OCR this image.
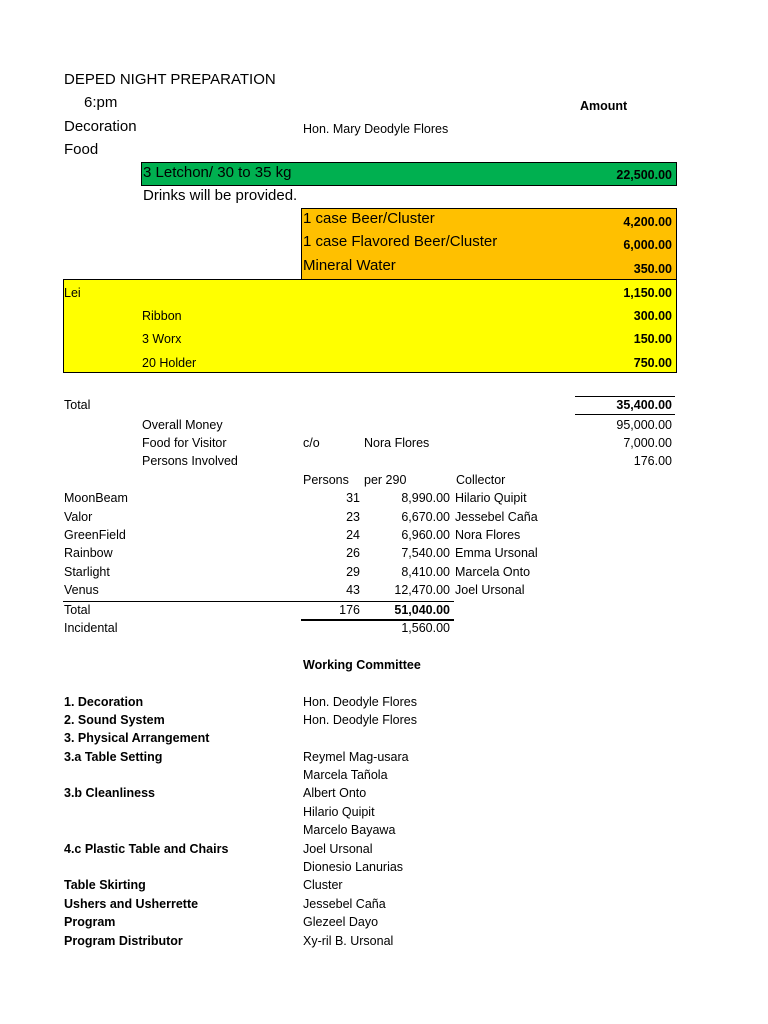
DEPED NIGHT PREPARATION
6:pm	Amount
Decoration	Hon. Mary Deodyle Flores
Food
3 Letchon/ 30 to 35 kg	22,500.00
Drinks will be provided.
1 case Beer/Cluster	4,200.00
1 case Flavored Beer/Cluster	6,000.00
Mineral Water	350.00
Lei	1,150.00
Ribbon	300.00
3 Worx	150.00
20 Holder	750.00
Total	35,400.00
Overall Money	95,000.00
Food for Visitor	c/o	Nora Flores	7,000.00
Persons Involved	176.00
Persons per 290	Collector
MoonBeam	31	8,990.00 Hilario Quipit
Valor	23	6,670.00 Jessebel Caña
GreenField	24	6,960.00 Nora Flores
Rainbow	26	7,540.00 Emma Ursonal
Starlight	29	8,410.00 Marcela Onto
Venus	43	12,470.00 Joel Ursonal
Total	176	51,040.00
Incidental	1,560.00
Working Committee
1. Decoration	Hon. Deodyle Flores
2. Sound System	Hon. Deodyle Flores
3. Physical Arrangement
3.a Table Setting	Reymel Mag-usara
Marcela Tañola
3.b Cleanliness	Albert Onto
Hilario Quipit
Marcelo Bayawa
4.c Plastic Table and Chairs	Joel Ursonal
Dionesio Lanurias
Table Skirting	Cluster
Ushers and Usherrette	Jessebel Caña
Program	Glezeel Dayo
Program Distributor	Xy-ril B. Ursonal
